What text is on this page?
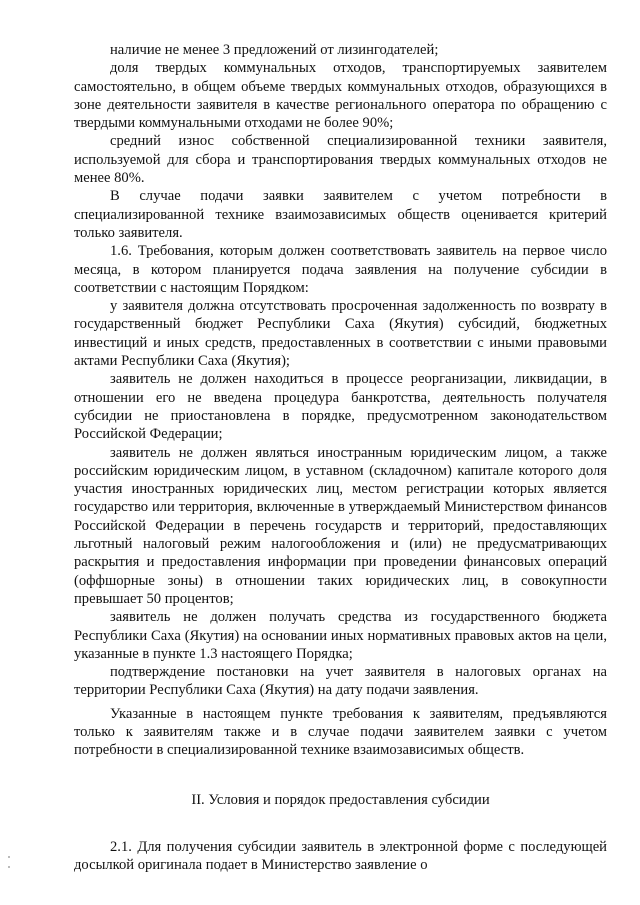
наличие не менее 3 предложений от лизингодателей;

доля твердых коммунальных отходов, транспортируемых заявителем самостоятельно, в общем объеме твердых коммунальных отходов, образующихся в зоне деятельности заявителя в качестве регионального оператора по обращению с твердыми коммунальными отходами не более 90%;

средний износ собственной специализированной техники заявителя, используемой для сбора и транспортирования твердых коммунальных отходов не менее 80%.

В случае подачи заявки заявителем с учетом потребности в специализированной технике взаимозависимых обществ оценивается критерий только заявителя.

1.6. Требования, которым должен соответствовать заявитель на первое число месяца, в котором планируется подача заявления на получение субсидии в соответствии с настоящим Порядком:

у заявителя должна отсутствовать просроченная задолженность по возврату в государственный бюджет Республики Саха (Якутия) субсидий, бюджетных инвестиций и иных средств, предоставленных в соответствии с иными правовыми актами Республики Саха (Якутия);

заявитель не должен находиться в процессе реорганизации, ликвидации, в отношении его не введена процедура банкротства, деятельность получателя субсидии не приостановлена в порядке, предусмотренном законодательством Российской Федерации;

заявитель не должен являться иностранным юридическим лицом, а также российским юридическим лицом, в уставном (складочном) капитале которого доля участия иностранных юридических лиц, местом регистрации которых является государство или территория, включенные в утверждаемый Министерством финансов Российской Федерации в перечень государств и территорий, предоставляющих льготный налоговый режим налогообложения и (или) не предусматривающих раскрытия и предоставления информации при проведении финансовых операций (оффшорные зоны) в отношении таких юридических лиц, в совокупности превышает 50 процентов;

заявитель не должен получать средства из государственного бюджета Республики Саха (Якутия) на основании иных нормативных правовых актов на цели, указанные в пункте 1.3 настоящего Порядка;

подтверждение постановки на учет заявителя в налоговых органах на территории Республики Саха (Якутия) на дату подачи заявления.

Указанные в настоящем пункте требования к заявителям, предъявляются только к заявителям также и в случае подачи заявителем заявки с учетом потребности в специализированной технике взаимозависимых обществ.

II. Условия и порядок предоставления субсидии

2.1. Для получения субсидии заявитель в электронной форме с последующей досылкой оригинала подает в Министерство заявление о
